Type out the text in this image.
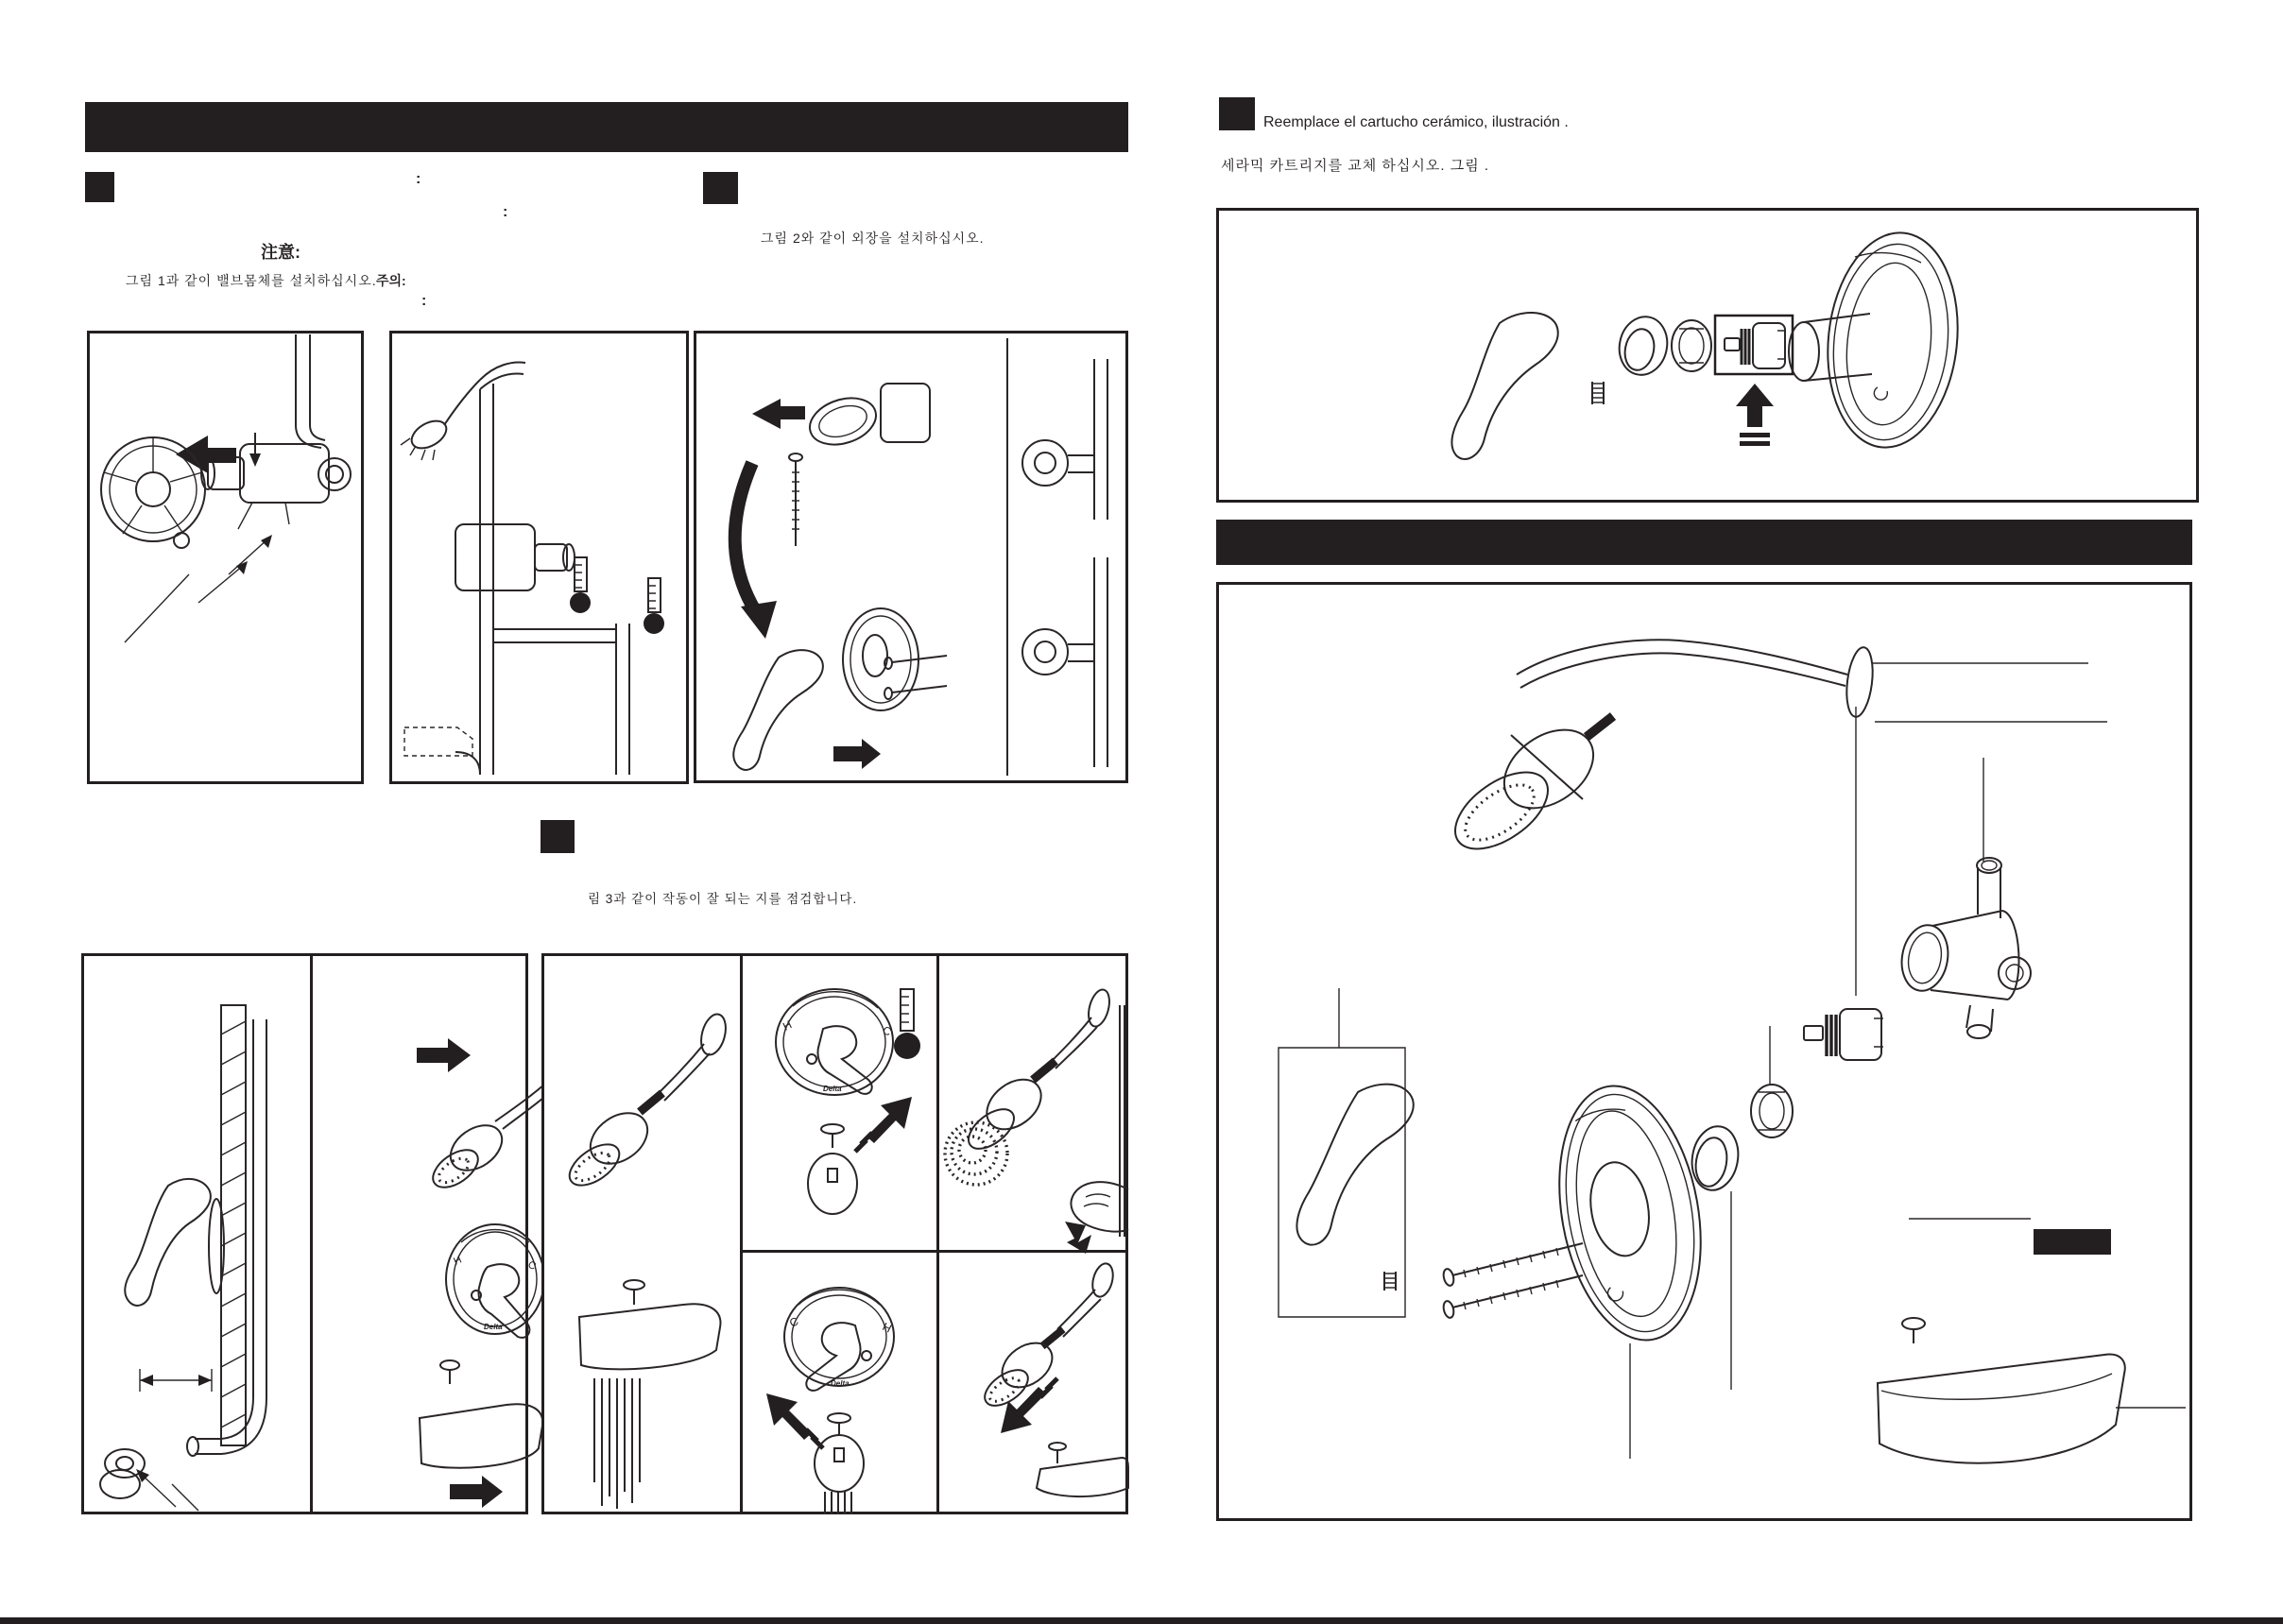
:
:
注意:
그림 1과 같이 밸브몸체를 설치하십시오. 주의:
:
그림 2와 같이 외장을 설치하십시오.
림 3과 같이 작동이 잘 되는 지를 점검합니다.
H	C
Delta
H	C
Delta
C	H
Delta
Reemplace el cartucho cerámico, ilustración .
세라믹 카트리지를 교체 하십시오. 그림 .
